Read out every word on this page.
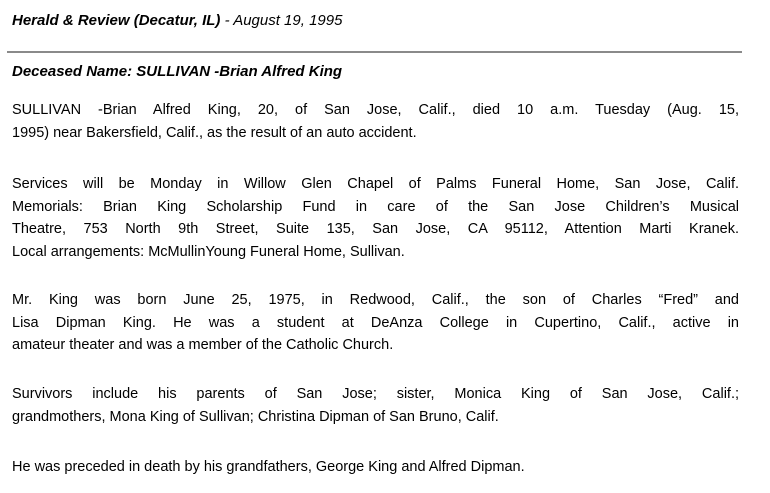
Herald & Review (Decatur, IL) - August 19, 1995
Deceased Name: SULLIVAN -Brian Alfred King
SULLIVAN -Brian Alfred King, 20, of San Jose, Calif., died 10 a.m. Tuesday (Aug. 15,
1995) near Bakersfield, Calif., as the result of an auto accident.
Services will be Monday in Willow Glen Chapel of Palms Funeral Home, San Jose, Calif.
Memorials: Brian King Scholarship Fund in care of the San Jose Children’s Musical
Theatre, 753 North 9th Street, Suite 135, San Jose, CA 95112, Attention Marti Kranek.
Local arrangements: McMullinYoung Funeral Home, Sullivan.
Mr. King was born June 25, 1975, in Redwood, Calif., the son of Charles “Fred” and
Lisa Dipman King. He was a student at DeAnza College in Cupertino, Calif., active in
amateur theater and was a member of the Catholic Church.
Survivors include his parents of San Jose; sister, Monica King of San Jose, Calif.;
grandmothers, Mona King of Sullivan; Christina Dipman of San Bruno, Calif.
He was preceded in death by his grandfathers, George King and Alfred Dipman.
